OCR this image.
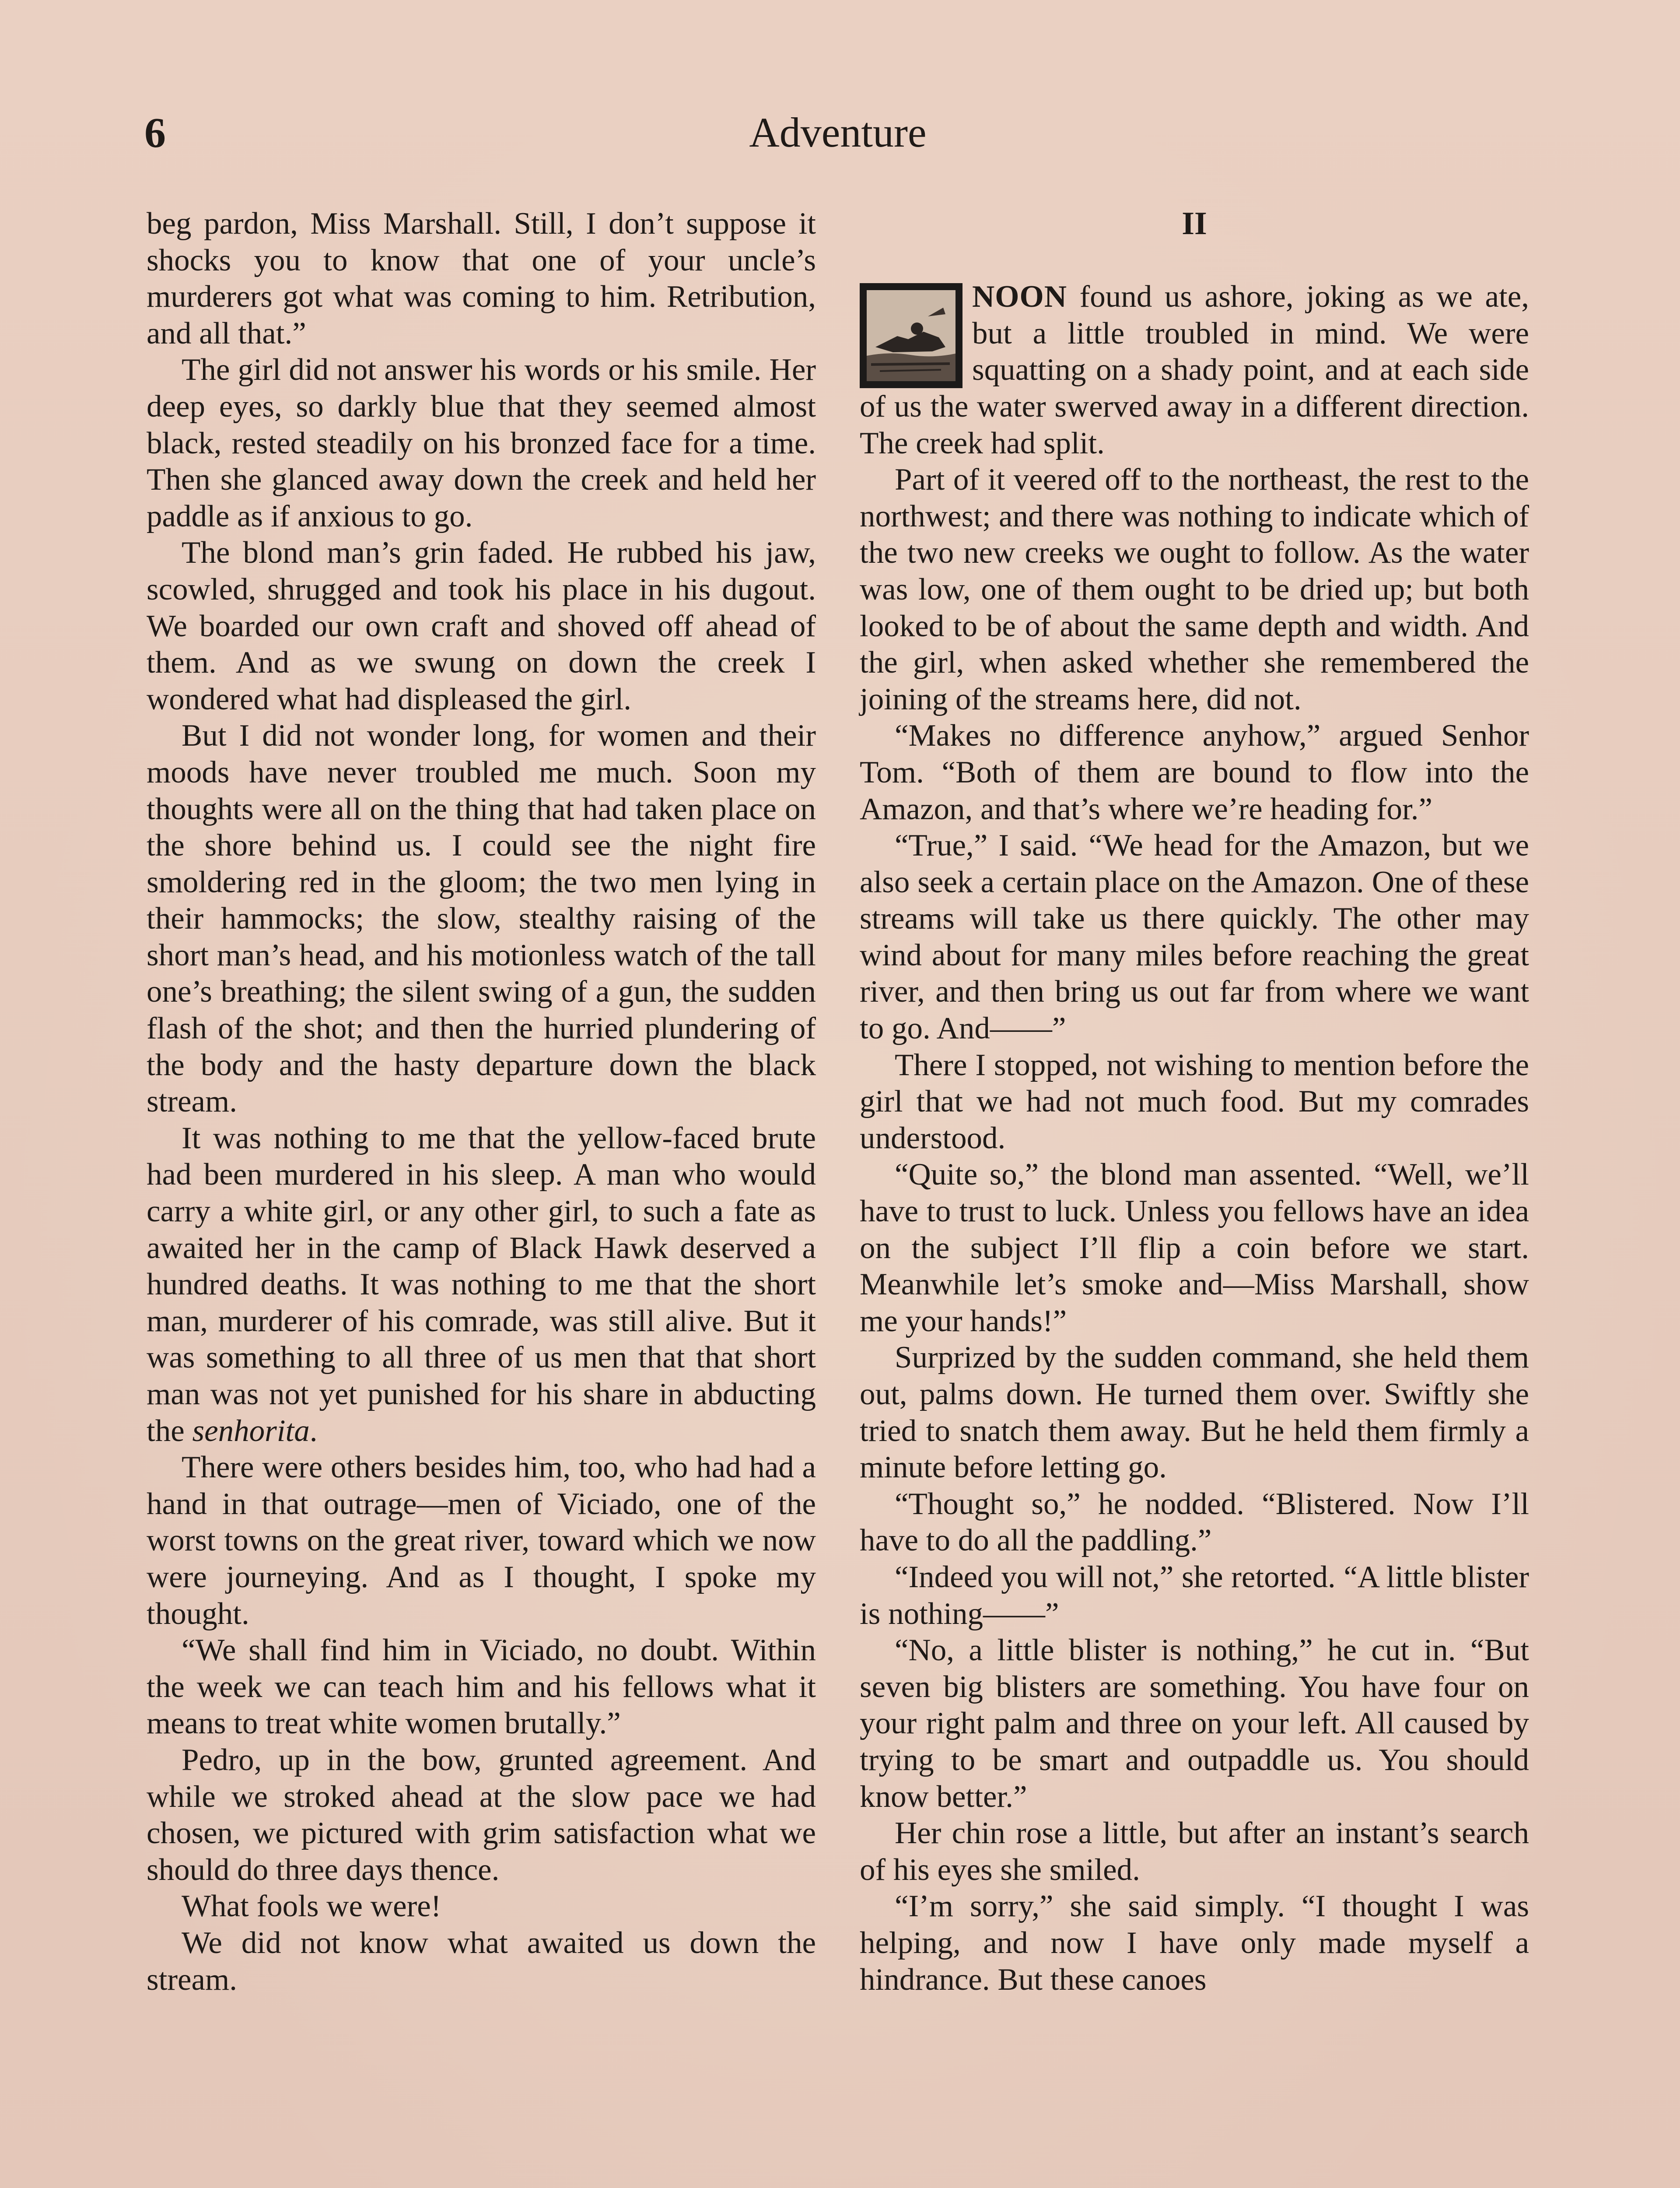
6	Adventure

beg pardon, Miss Marshall. Still, I don’t suppose it shocks you to know that one of your uncle’s murderers got what was coming to him. Retribution, and all that.”

The girl did not answer his words or his smile. Her deep eyes, so darkly blue that they seemed almost black, rested steadily on his bronzed face for a time. Then she glanced away down the creek and held her paddle as if anxious to go.

The blond man’s grin faded. He rubbed his jaw, scowled, shrugged and took his place in his dugout. We boarded our own craft and shoved off ahead of them. And as we swung on down the creek I wondered what had displeased the girl.

But I did not wonder long, for women and their moods have never troubled me much. Soon my thoughts were all on the thing that had taken place on the shore behind us. I could see the night fire smoldering red in the gloom; the two men lying in their hammocks; the slow, stealthy raising of the short man’s head, and his motionless watch of the tall one’s breathing; the silent swing of a gun, the sudden flash of the shot; and then the hurried plundering of the body and the hasty departure down the black stream.

It was nothing to me that the yellow-faced brute had been murdered in his sleep. A man who would carry a white girl, or any other girl, to such a fate as awaited her in the camp of Black Hawk deserved a hundred deaths. It was nothing to me that the short man, murderer of his comrade, was still alive. But it was something to all three of us men that that short man was not yet punished for his share in abducting the senhorita.

There were others besides him, too, who had had a hand in that outrage—men of Viciado, one of the worst towns on the great river, toward which we now were journeying. And as I thought, I spoke my thought.

“We shall find him in Viciado, no doubt. Within the week we can teach him and his fellows what it means to treat white women brutally.”

Pedro, up in the bow, grunted agreement. And while we stroked ahead at the slow pace we had chosen, we pictured with grim satisfaction what we should do three days thence.

What fools we were!

We did not know what awaited us down the stream.

II

NOON found us ashore, joking as we ate, but a little troubled in mind. We were squatting on a shady point, and at each side of us the water swerved away in a different direction. The creek had split.

Part of it veered off to the northeast, the rest to the northwest; and there was nothing to indicate which of the two new creeks we ought to follow. As the water was low, one of them ought to be dried up; but both looked to be of about the same depth and width. And the girl, when asked whether she remembered the joining of the streams here, did not.

“Makes no difference anyhow,” argued Senhor Tom. “Both of them are bound to flow into the Amazon, and that’s where we’re heading for.”

“True,” I said. “We head for the Amazon, but we also seek a certain place on the Amazon. One of these streams will take us there quickly. The other may wind about for many miles before reaching the great river, and then bring us out far from where we want to go. And——”

There I stopped, not wishing to mention before the girl that we had not much food. But my comrades understood.

“Quite so,” the blond man assented. “Well, we’ll have to trust to luck. Unless you fellows have an idea on the subject I’ll flip a coin before we start. Meanwhile let’s smoke and—Miss Marshall, show me your hands!”

Surprized by the sudden command, she held them out, palms down. He turned them over. Swiftly she tried to snatch them away. But he held them firmly a minute before letting go.

“Thought so,” he nodded. “Blistered. Now I’ll have to do all the paddling.”

“Indeed you will not,” she retorted. “A little blister is nothing——”

“No, a little blister is nothing,” he cut in. “But seven big blisters are something. You have four on your right palm and three on your left. All caused by trying to be smart and outpaddle us. You should know better.”

Her chin rose a little, but after an instant’s search of his eyes she smiled.

“I’m sorry,” she said simply. “I thought I was helping, and now I have only made myself a hindrance. But these canoes
